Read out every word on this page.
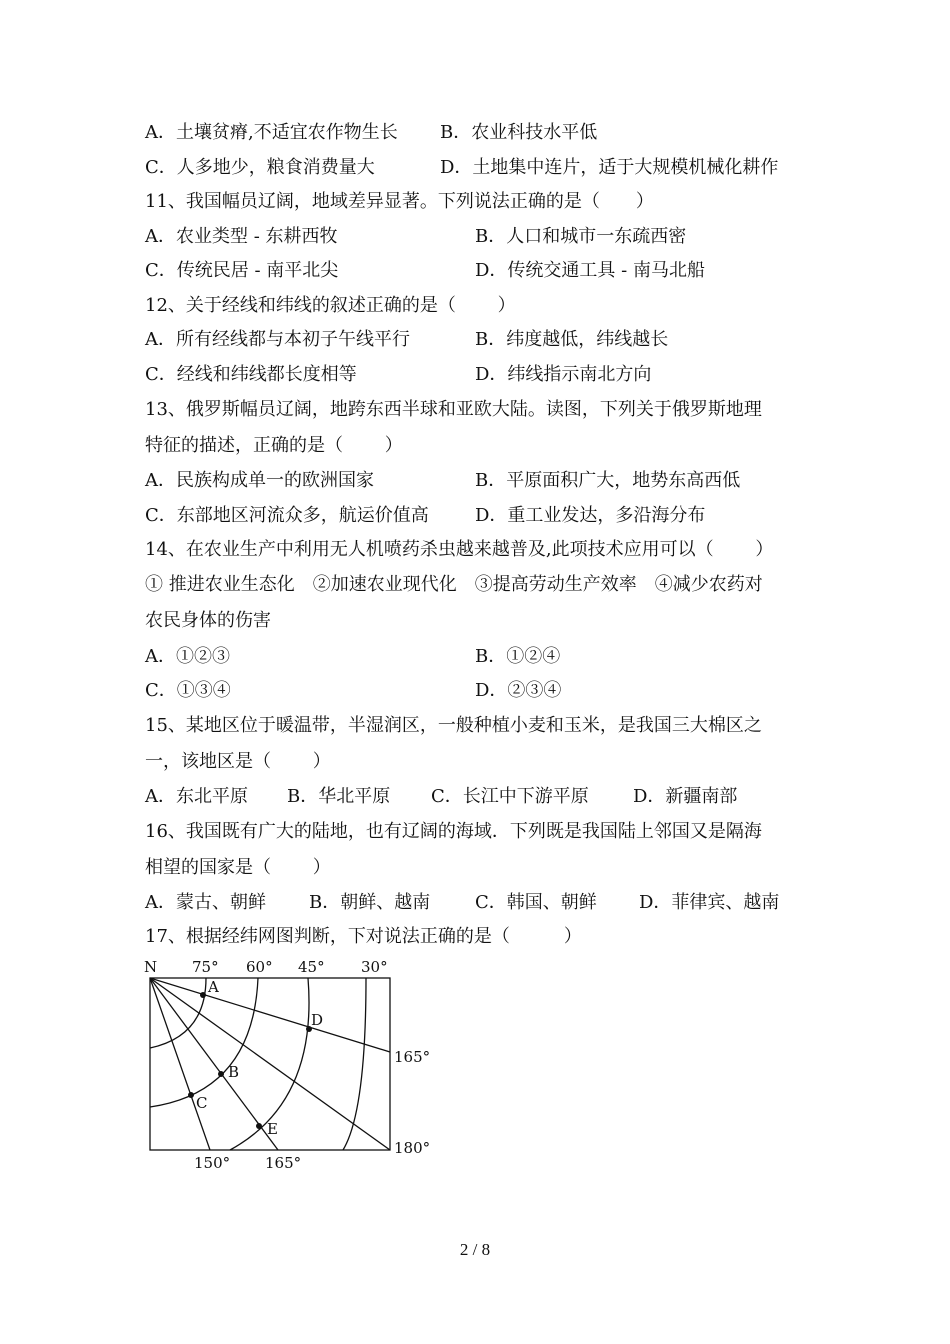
A．土壤贫瘠,不适宜农作物生长 B．农业科技水平低
C．人多地少，粮食消费量大	D．土地集中连片，适于大规模机械化耕作
11、我国幅员辽阔，地域差异显著。下列说法正确的是（　　）
A．农业类型 - 东耕西牧	B．人口和城市一东疏西密
C．传统民居 - 南平北尖	D．传统交通工具 - 南马北船
12、关于经线和纬线的叙述正确的是（　　 ）
A．所有经线都与本初子午线平行	B．纬度越低，纬线越长
C．经线和纬线都长度相等	D．纬线指示南北方向
13、俄罗斯幅员辽阔，地跨东西半球和亚欧大陆。读图，下列关于俄罗斯地理
特征的描述，正确的是（　　 ）
A．民族构成单一的欧洲国家	B．平原面积广大，地势东高西低
C．东部地区河流众多，航运价值高	D．重工业发达，多沿海分布
14、在农业生产中利用无人机喷药杀虫越来越普及,此项技术应用可以（　　 ）
① 推进农业生态化　②加速农业现代化　③提高劳动生产效率　④减少农药对
农民身体的伤害
A．①②③	B．①②④
C．①③④	D．②③④
15、某地区位于暖温带，半湿润区，一般种植小麦和玉米，是我国三大棉区之
一，该地区是（　　 ）
A．东北平原 B．华北平原 C．长江中下游平原 D．新疆南部
16、我国既有广大的陆地，也有辽阔的海域．下列既是我国陆上邻国又是隔海
相望的国家是（　　 ）
A．蒙古、朝鲜 B．朝鲜、越南 C．韩国、朝鲜 D．菲律宾、越南
17、根据经纬网图判断，下对说法正确的是（　　　）
N 75° 60° 45° 30°
165°
180°
150° 165°
A
B
C
D
E
2 / 8
